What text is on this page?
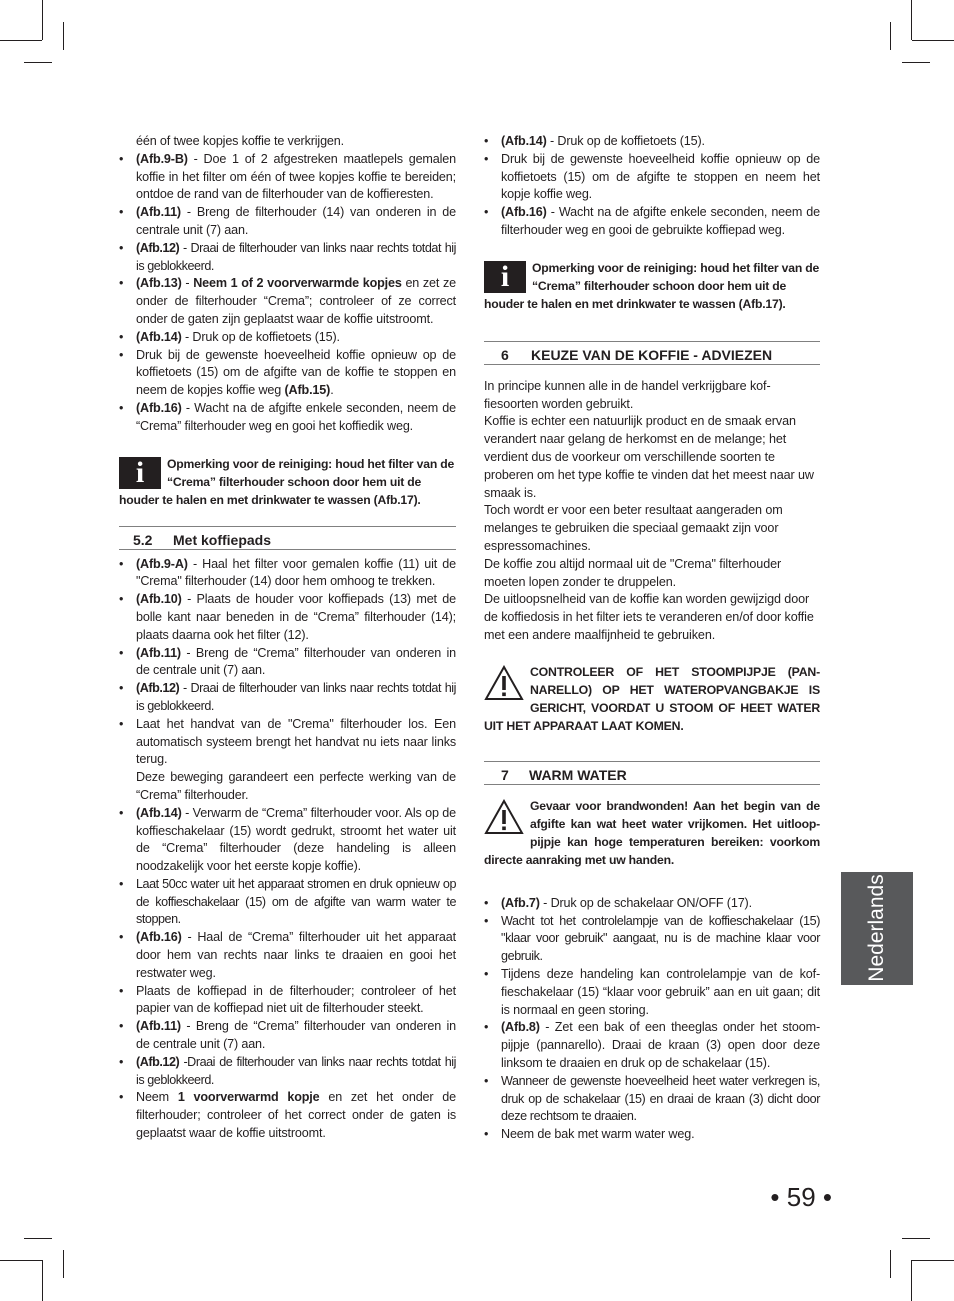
één of twee kopjes koffie te verkrijgen.
• (Afb.9-B) - Doe 1 of 2 afgestreken maatlepels gemalen koffie in het filter om één of twee kopjes koffie te bereiden; ontdoe de rand van de filterhouder van de koffieresten.
• (Afb.11) - Breng de filterhouder (14) van onderen in de centrale unit (7) aan.
• (Afb.12) - Draai de filterhouder van links naar rechts totdat hij is geblokkeerd.
• (Afb.13) - Neem 1 of 2 voorverwarmde kopjes en zet ze onder de filterhouder “Crema”; controleer of ze correct onder de gaten zijn geplaatst waar de koffie uitstroomt.
• (Afb.14) - Druk op de koffietoets (15).
• Druk bij de gewenste hoeveelheid koffie opnieuw op de koffietoets (15) om de afgifte van de koffie te stoppen en neem de kopjes koffie weg (Afb.15).
• (Afb.16) - Wacht na de afgifte enkele seconden, neem de “Crema” filterhouder weg en gooi het koffiedik weg.
i	Opmerking voor de reiniging: houd het filter van de “Crema” filterhouder schoon door hem uit de houder te halen en met drinkwater te wassen (Afb.17).
5.2 Met koffiepads
• (Afb.9-A) - Haal het filter voor gemalen koffie (11) uit de "Crema" filterhouder (14) door hem omhoog te trekken.
• (Afb.10) - Plaats de houder voor koffiepads (13) met de bolle kant naar beneden in de “Crema” filterhouder (14); plaats daarna ook het filter (12).
• (Afb.11) - Breng de “Crema” filterhouder van onderen in de centrale unit (7) aan.
• (Afb.12) - Draai de filterhouder van links naar rechts totdat hij is geblokkeerd.
• Laat het handvat van de "Crema" filterhouder los. Een automatisch systeem brengt het handvat nu iets naar links terug.
Deze beweging garandeert een perfecte werking van de “Crema” filterhouder.
• (Afb.14) - Verwarm de “Crema” filterhouder voor. Als op de koffieschakelaar (15) wordt gedrukt, stroomt het water uit de “Crema” filterhouder (deze handeling is alleen noodzakelijk voor het eerste kopje koffie).
• Laat 50cc water uit het apparaat stromen en druk opnieuw op de koffieschakelaar (15) om de afgifte van warm water te stoppen.
• (Afb.16) - Haal de “Crema” filterhouder uit het apparaat door hem van rechts naar links te draaien en gooi het restwater weg.
• Plaats de koffiepad in de filterhouder; controleer of het papier van de koffiepad niet uit de filterhouder steekt.
• (Afb.11) - Breng de “Crema” filterhouder van onderen in de centrale unit (7) aan.
• (Afb.12) -Draai de filterhouder van links naar rechts totdat hij is geblokkeerd.
• Neem 1 voorverwarmd kopje en zet het onder de filterhouder; controleer of het correct onder de gaten is geplaatst waar de koffie uitstroomt.
• (Afb.14) - Druk op de koffietoets (15).
• Druk bij de gewenste hoeveelheid koffie opnieuw op de koffietoets (15) om de afgifte te stoppen en neem het kopje koffie weg.
• (Afb.16) - Wacht na de afgifte enkele seconden, neem de filterhouder weg en gooi de gebruikte koffiepad weg.
i	Opmerking voor de reiniging: houd het filter van de “Crema” filterhouder schoon door hem uit de houder te halen en met drinkwater te wassen (Afb.17).
6 KEUZE VAN DE KOFFIE - ADVIEZEN
In principe kunnen alle in de handel verkrijgbare kof-fiesoorten worden gebruikt.
Koffie is echter een natuurlijk product en de smaak ervan verandert naar gelang de herkomst en de melange; het verdient dus de voorkeur om verschillende soorten te proberen om het type koffie te vinden dat het meest naar uw smaak is.
Toch wordt er voor een beter resultaat aangeraden om melanges te gebruiken die speciaal gemaakt zijn voor espressomachines.
De koffie zou altijd normaal uit de "Crema" filterhouder moeten lopen zonder te druppelen.
De uitloopsnelheid van de koffie kan worden gewijzigd door de koffiedosis in het filter iets te veranderen en/of door koffie met een andere maalfijnheid te gebruiken.
CONTROLEER OF HET STOOMPIJPJE (PAN-NARELLO) OP HET WATEROPVANGBAKJE IS GERICHT, VOORDAT U STOOM OF HEET WATER UIT HET APPARAAT LAAT KOMEN.
7 WARM WATER
Gevaar voor brandwonden! Aan het begin van de afgifte kan wat heet water vrijkomen. Het uitloop-pijpje kan hoge temperaturen bereiken: voorkom directe aanraking met uw handen.
• (Afb.7) - Druk op de schakelaar ON/OFF (17).
• Wacht tot het controlelampje van de koffieschakelaar (15) "klaar voor gebruik" aangaat, nu is de machine klaar voor gebruik.
• Tijdens deze handeling kan controlelampje van de kof-fieschakelaar (15) “klaar voor gebruik” aan en uit gaan; dit is normaal en geen storing.
• (Afb.8) - Zet een bak of een theeglas onder het stoom-pijpje (pannarello). Draai de kraan (3) open door deze linksom te draaien en druk op de schakelaar (15).
• Wanneer de gewenste hoeveelheid heet water verkregen is, druk op de schakelaar (15) en draai de kraan (3) dicht door deze rechtsom te draaien.
• Neem de bak met warm water weg.
Nederlands
• 59 •
